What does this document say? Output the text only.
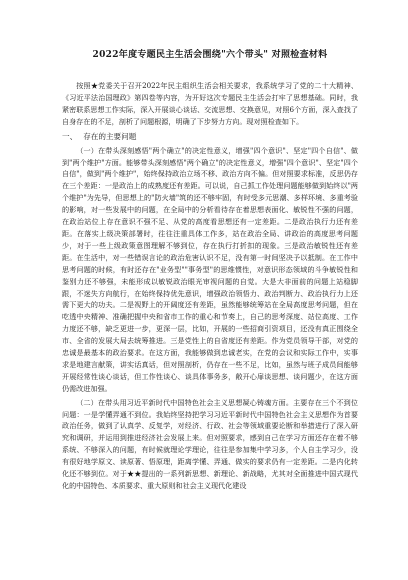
2022年度专题民主生活会围绕"六个带头" 对照检查材料

按照★党委关于召开2022年民主组织生活会相关要求，我系统学习了党的二十大精神、《习近平法治国理政》第四卷等内容，为开好这次专题民主生活会打牢了思想基础。同时，我紧密联系思想工作实际，深入开展谈心谈话、交流思想、交换意见，对照6个方面，深入查找了自身存在的不足，剖析了问题根源，明确了下步努力方向。现对照检查如下。

一、 存在的主要问题

（一）在带头深刻感悟"两个确立"的决定性意义，增强"四个意识"、坚定"四个自信"、做到"两个维护"方面。能够带头深刻感悟"两个确立"的决定性意义，增强"四个意识"、坚定"四个自信"，做到"两个维护"，始终保持政治立场不移、政治方向不偏。但对照要求标准，反思仍存在三个差距：一是政治上的成熟度还有差距。可以说，自己抓工作处理问题能够做到始终以"两个维护"为先导，但思想上的"防火墙"筑的还不够牢固，有时受多元思潮、多样环境、多重考验的影响，对一些发展中的问题，在全局中的分析看待存在着思想表面化、敏锐性不强的问题，在政治站位上存在意识不强不足、从党的高度看思想还有一定差距。二是政治执行力还有差距。在落实上级决策部署时，往往注重具体工作多，站在政治全局、讲政治的高度思考问题少，对于一些上级政策意图理解不够到位，存在执行打折扣的现象。三是政治敏锐性还有差距。在生活中，对一些错误言论的政治危害认识不足，没有第一时间坚决予以抵制。在工作中思考问题的时候，有时还存在"业务型""事务型"的思维惯性，对意识形态领域的斗争敏锐性和鉴别力还不够强，未能形成以敏锐政治眼光审视问题的自觉。大是大非面前的问题上站稳脚跟，不迷失方向航行，在始终保持优先意识，增强政治领悟力、政治判断力、政治执行力上还需下更大的功夫。二是视野上的开阔度还有差距，虽然能够统筹站在全局高度思考问题，但在吃透中央精神、准确把握中央和省市工作的重心和节奏上，自己的思考深度、站位高度、工作力度还不够，缺乏更进一步，更深一层，比如，开展的一些招商引资项目，还没有真正围绕全市、全省的发展大局去统筹推进。三是党性上的自省度还有差距。作为党员领导干部，对党的忠诚是最基本的政治要求。在这方面，我能够做到忠诚老实，在党的会议和实际工作中，实事求是地建言献策，讲实话真话，但对照剖析，仍存在一些不足，比如，虽然与班子成员间能够开展经常性谈心谈话，但工作性谈心、谈具体事务多，敞开心扉谈思想、谈问题少，在这方面仍需改进加强。

（二）在带头用习近平新时代中国特色社会主义思想凝心铸魂方面。主要存在三个不到位问题：一是学懂弄通不到位。我始终坚持把学习习近平新时代中国特色社会主义思想作为首要政治任务，做到了认真学、反复学，对经济、行政、社会等领域重要论断和举措进行了深入研究和调研，并运用到推进经济社会发展上来。但对照要求，感到自己在学习方面还存在着不够系统、不够深入的问题，有时候就理论学理论，往往是参加集中学习多，个人自主学习少，没有很好地学原文、读原著、悟原理，距离学懂、弄通、做实的要求仍有一定差距。二是内化转化还不够到位。对于★★提出的一系列新思想、新理论、新战略，尤其对全面推进中国式现代化的中国特色、本质要求、重大原则和社会主义现代化建设
